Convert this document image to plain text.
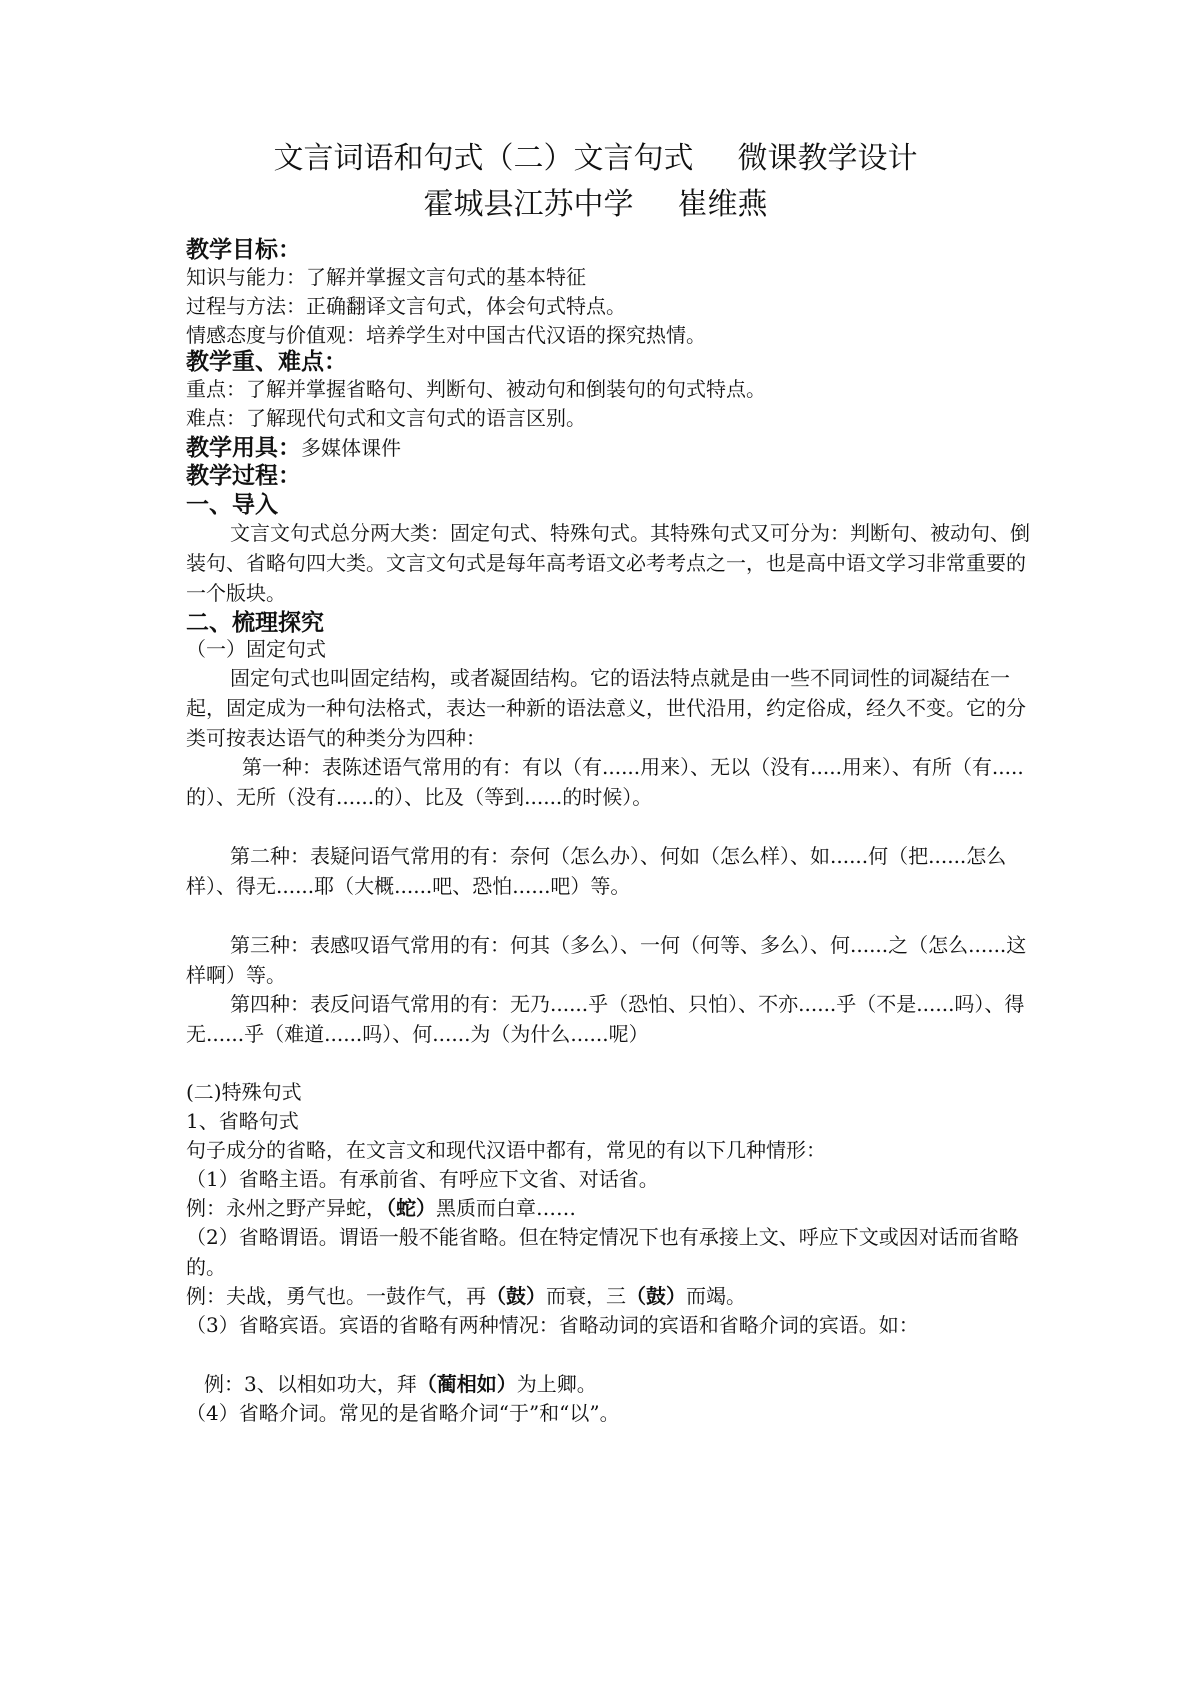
文言词语和句式（二）文言句式 微课教学设计
霍城县江苏中学 崔维燕
教学目标：
知识与能力：了解并掌握文言句式的基本特征
过程与方法：正确翻译文言句式，体会句式特点。
情感态度与价值观：培养学生对中国古代汉语的探究热情。
教学重、难点：
重点：了解并掌握省略句、判断句、被动句和倒装句的句式特点。
难点：了解现代句式和文言句式的语言区别。
教学用具：多媒体课件
教学过程：
一、导入
文言文句式总分两大类：固定句式、特殊句式。其特殊句式又可分为：判断句、被动句、倒装句、省略句四大类。文言文句式是每年高考语文必考考点之一，也是高中语文学习非常重要的一个版块。
二、梳理探究
（一）固定句式
固定句式也叫固定结构，或者凝固结构。它的语法特点就是由一些不同词性的词凝结在一起，固定成为一种句法格式，表达一种新的语法意义，世代沿用，约定俗成，经久不变。它的分类可按表达语气的种类分为四种：
第一种：表陈述语气常用的有：有以（有......用来）、无以（没有.....用来）、有所（有.....的）、无所（没有......的）、比及（等到......的时候）。
第二种：表疑问语气常用的有：奈何（怎么办）、何如（怎么样）、如......何（把......怎么样）、得无......耶（大概......吧、恐怕......吧）等。
第三种：表感叹语气常用的有：何其（多么）、一何（何等、多么）、何......之（怎么......这样啊）等。
第四种：表反问语气常用的有：无乃......乎（恐怕、只怕）、不亦......乎（不是......吗）、得无......乎（难道......吗）、何......为（为什么......呢）
(二)特殊句式
1、省略句式
句子成分的省略，在文言文和现代汉语中都有，常见的有以下几种情形：
（1）省略主语。有承前省、有呼应下文省、对话省。
例：永州之野产异蛇，（蛇）黑质而白章……
（2）省略谓语。谓语一般不能省略。但在特定情况下也有承接上文、呼应下文或因对话而省略的。
例：夫战，勇气也。一鼓作气，再（鼓）而衰，三（鼓）而竭。
（3）省略宾语。宾语的省略有两种情况：省略动词的宾语和省略介词的宾语。如：
例：3、以相如功大，拜（蔺相如）为上卿。
（4）省略介词。常见的是省略介词“于”和“以”。
